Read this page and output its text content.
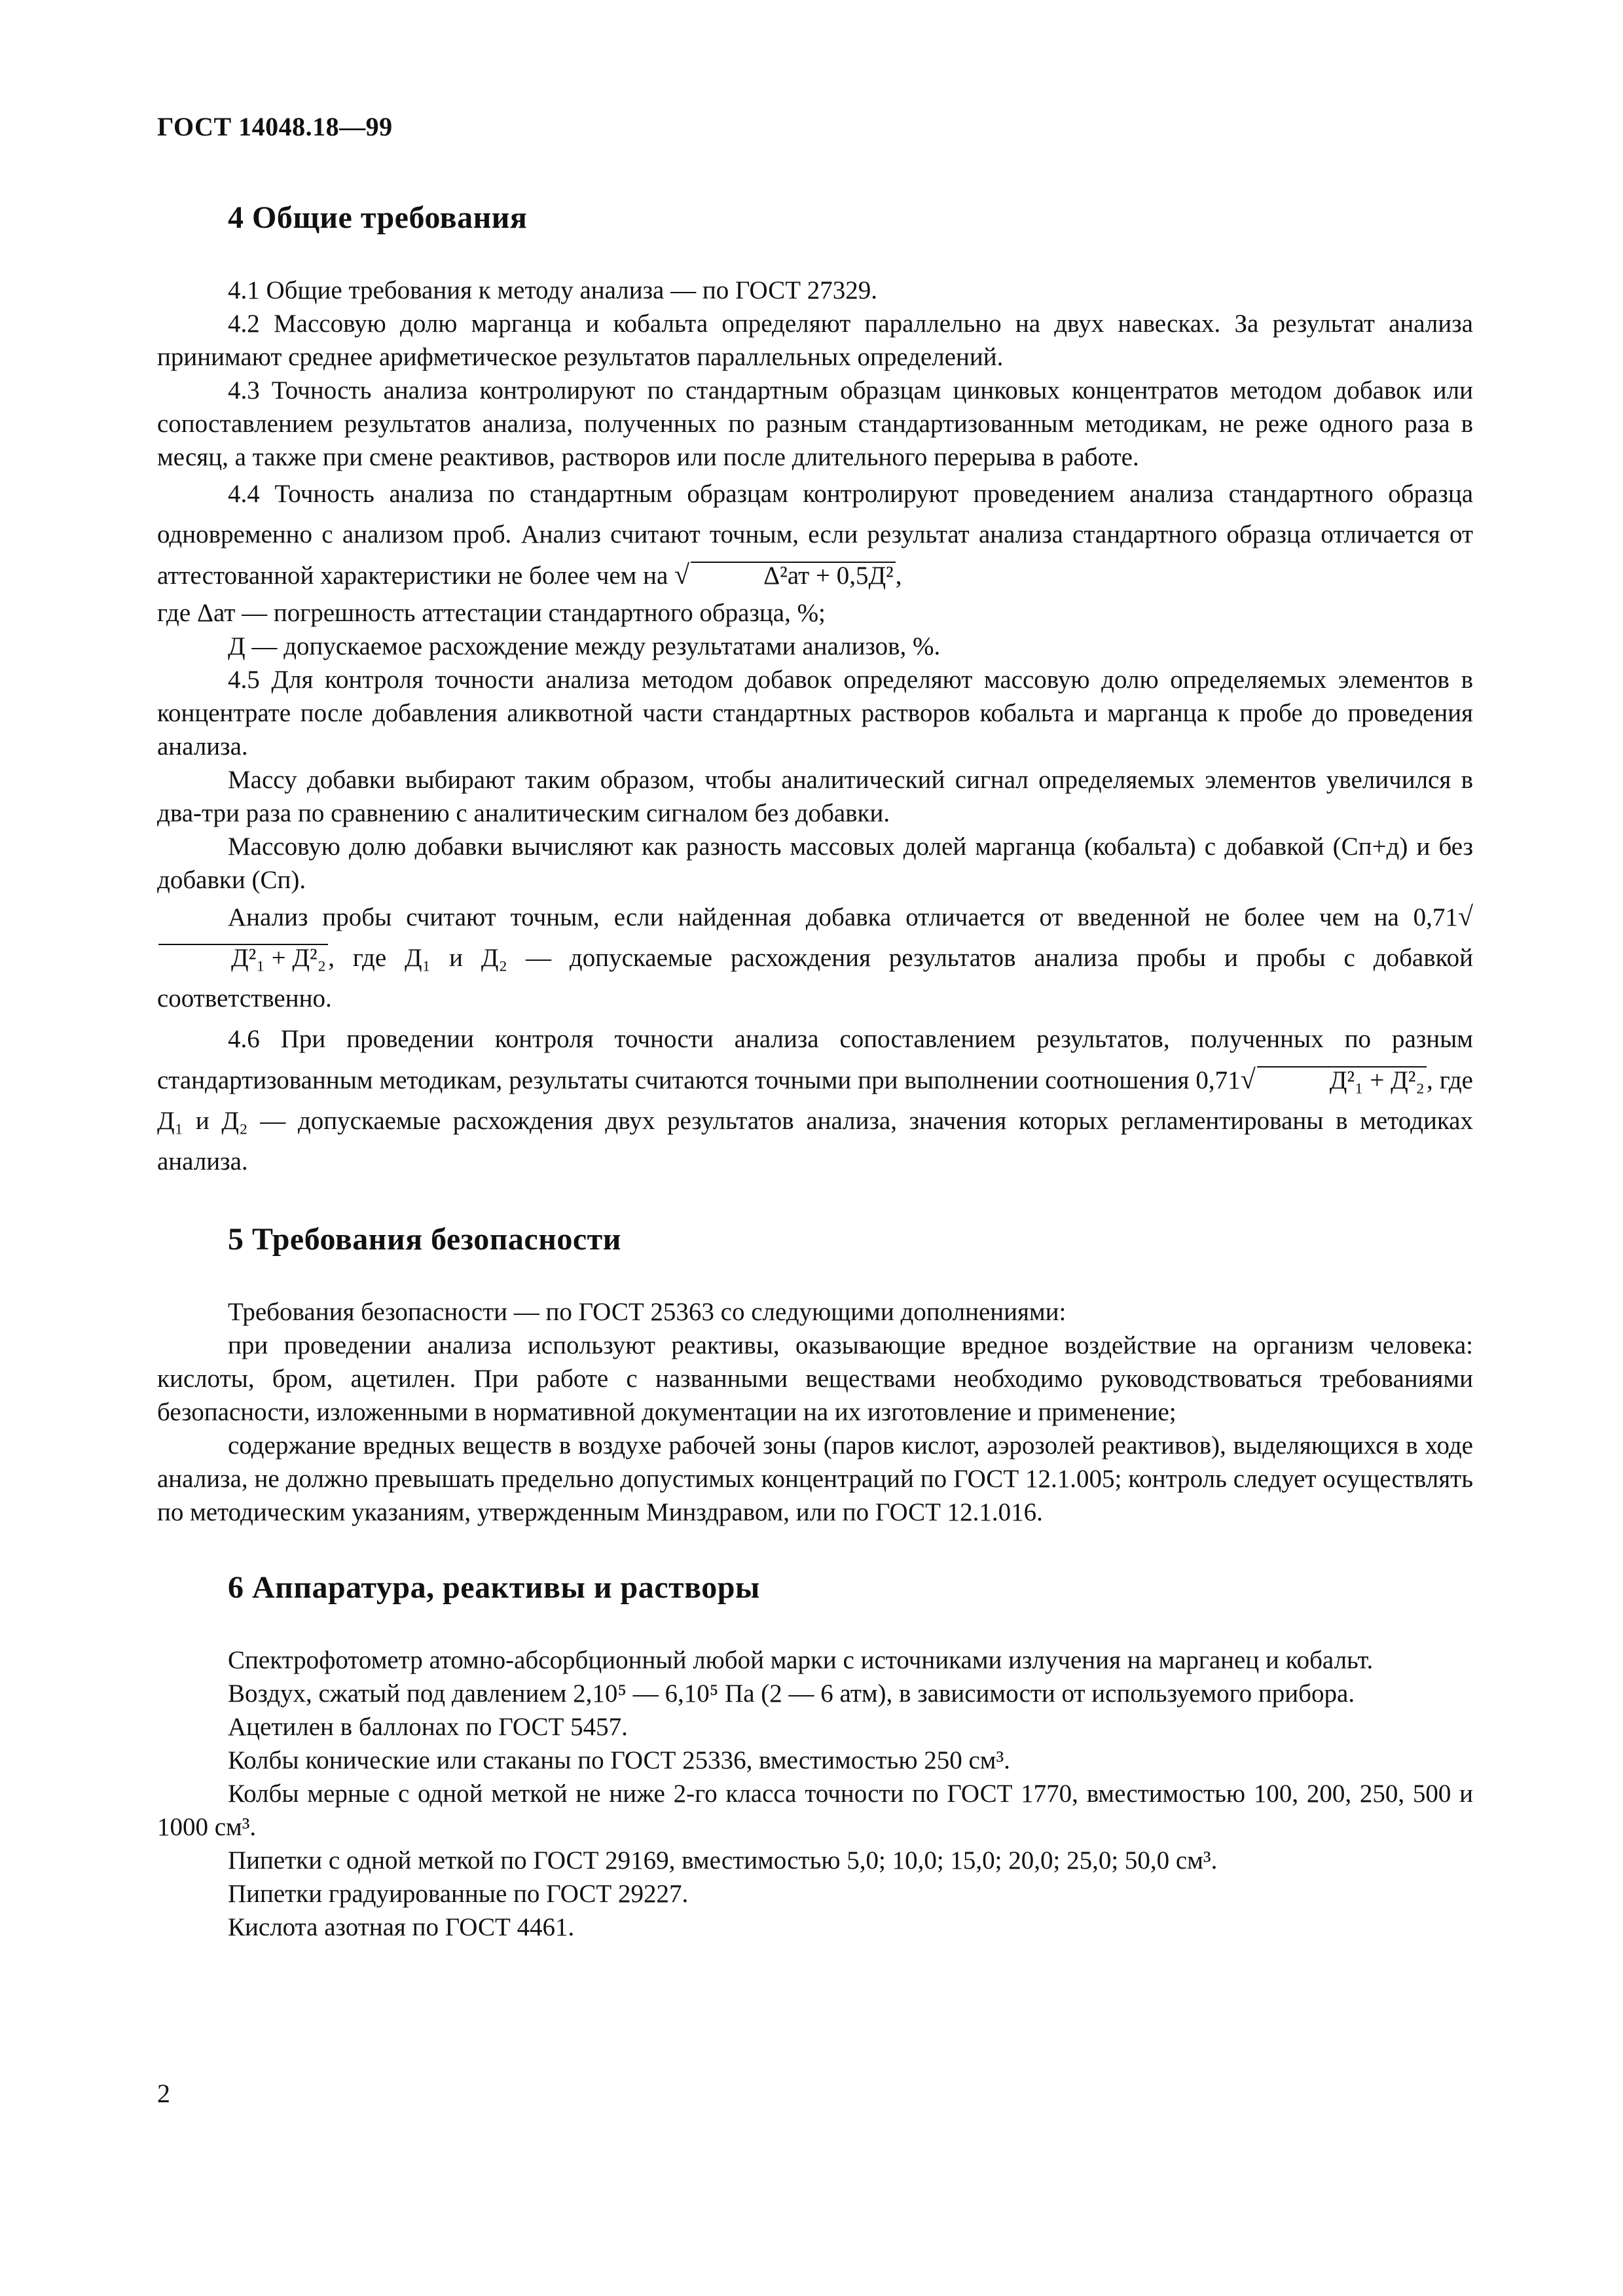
ГОСТ 14048.18—99
4 Общие требования

4.1 Общие требования к методу анализа — по ГОСТ 27329.

4.2 Массовую долю марганца и кобальта определяют параллельно на двух навесках. За результат анализа принимают среднее арифметическое результатов параллельных определений.

4.3 Точность анализа контролируют по стандартным образцам цинковых концентратов методом добавок или сопоставлением результатов анализа, полученных по разным стандартизованным методикам, не реже одного раза в месяц, а также при смене реактивов, растворов или после длительного перерыва в работе.

4.4 Точность анализа по стандартным образцам контролируют проведением анализа стандартного образца одновременно с анализом проб. Анализ считают точным, если результат анализа стандартного образца отличается от аттестованной характеристики не более чем на √	Δ²ат + 0,5Д²,

где Δат — погрешность аттестации стандартного образца, %;

Д — допускаемое расхождение между результатами анализов, %.

4.5 Для контроля точности анализа методом добавок определяют массовую долю определяемых элементов в концентрате после добавления аликвотной части стандартных растворов кобальта и марганца к пробе до проведения анализа.

Массу добавки выбирают таким образом, чтобы аналитический сигнал определяемых элементов увеличился в два-три раза по сравнению с аналитическим сигналом без добавки.

Массовую долю добавки вычисляют как разность массовых долей марганца (кобальта) с добавкой (Сп+д) и без добавки (Сп).

Анализ пробы считают точным, если найденная добавка отличается от введенной не более чем на 0,71√Д²₁ + Д²₂, где Д₁ и Д₂ — допускаемые расхождения результатов анализа пробы и пробы с добавкой соответственно.

4.6 При проведении контроля точности анализа сопоставлением результатов, полученных по разным стандартизованным методикам, результаты считаются точными при выполнении соотношения 0,71√	Д²₁ + Д²₂, где Д₁ и Д₂ — допускаемые расхождения двух результатов анализа, значения которых регламентированы в методиках анализа.

5 Требования безопасности

Требования безопасности — по ГОСТ 25363 со следующими дополнениями:

при проведении анализа используют реактивы, оказывающие вредное воздействие на организм человека: кислоты, бром, ацетилен. При работе с названными веществами необходимо руководствоваться требованиями безопасности, изложенными в нормативной документации на их изготовление и применение;

содержание вредных веществ в воздухе рабочей зоны (паров кислот, аэрозолей реактивов), выделяющихся в ходе анализа, не должно превышать предельно допустимых концентраций по ГОСТ 12.1.005; контроль следует осуществлять по методическим указаниям, утвержденным Минздравом, или по ГОСТ 12.1.016.

6 Аппаратура, реактивы и растворы

Спектрофотометр атомно-абсорбционный любой марки с источниками излучения на марганец и кобальт.

Воздух, сжатый под давлением 2,10⁵ — 6,10⁵ Па (2 — 6 атм), в зависимости от используемого прибора.

Ацетилен в баллонах по ГОСТ 5457.

Колбы конические или стаканы по ГОСТ 25336, вместимостью 250 см³.

Колбы мерные с одной меткой не ниже 2-го класса точности по ГОСТ 1770, вместимостью 100, 200, 250, 500 и 1000 см³.

Пипетки с одной меткой по ГОСТ 29169, вместимостью 5,0; 10,0; 15,0; 20,0; 25,0; 50,0 см³.

Пипетки градуированные по ГОСТ 29227.

Кислота азотная по ГОСТ 4461.

2
